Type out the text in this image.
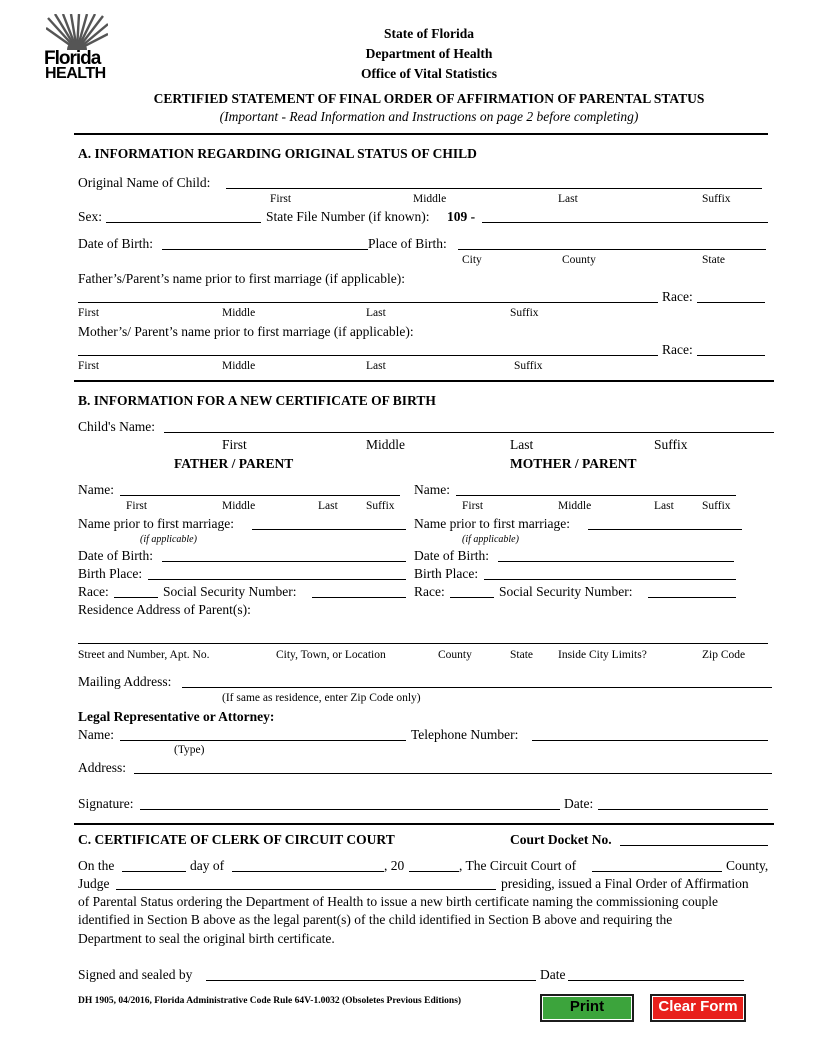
Florida
HEALTH
State of Florida
Department of Health
Office of Vital Statistics
CERTIFIED STATEMENT OF FINAL ORDER OF AFFIRMATION OF PARENTAL STATUS
(Important - Read Information and Instructions on page 2 before completing)
A. INFORMATION REGARDING ORIGINAL STATUS OF CHILD
Original Name of Child:
First	Middle	Last	Suffix
Sex:	State File Number (if known): 109 -
Date of Birth:	Place of Birth:
City	County	State
Father’s/Parent’s name prior to first marriage (if applicable):
Race:
First	Middle	Last	Suffix
Mother’s/ Parent’s name prior to first marriage (if applicable):
Race:
First	Middle	Last	Suffix
B. INFORMATION FOR A NEW CERTIFICATE OF BIRTH
Child's Name:
First	Middle	Last	Suffix
FATHER / PARENT	MOTHER / PARENT
Name:
First	Middle	Last Suffix
Name prior to first marriage:
(if applicable)
Date of Birth:
Birth Place:
Race:	Social Security Number:
Name:
First	Middle	Last Suffix
Name prior to first marriage:
(if applicable)
Date of Birth:
Birth Place:
Race:	Social Security Number:
Residence Address of Parent(s):
Street and Number, Apt. No.	City, Town, or Location	County	State Inside City Limits?	Zip Code
Mailing Address:
(If same as residence, enter Zip Code only)
Legal Representative or Attorney:
Name:	Telephone Number:
(Type)
Address:
Signature:	Date:
C. CERTIFICATE OF CLERK OF CIRCUIT COURT	Court Docket No.
On the	day of	, 20	, The Circuit Court of	County,
Judge	presiding, issued a Final Order of Affirmation
of Parental Status ordering the Department of Health to issue a new birth certificate naming the commissioning couple
identified in Section B above as the legal parent(s) of the child identified in Section B above and requiring the
Department to seal the original birth certificate.
Signed and sealed by	Date
DH 1905, 04/2016, Florida Administrative Code Rule 64V-1.0032 (Obsoletes Previous Editions)	Print	Clear Form
